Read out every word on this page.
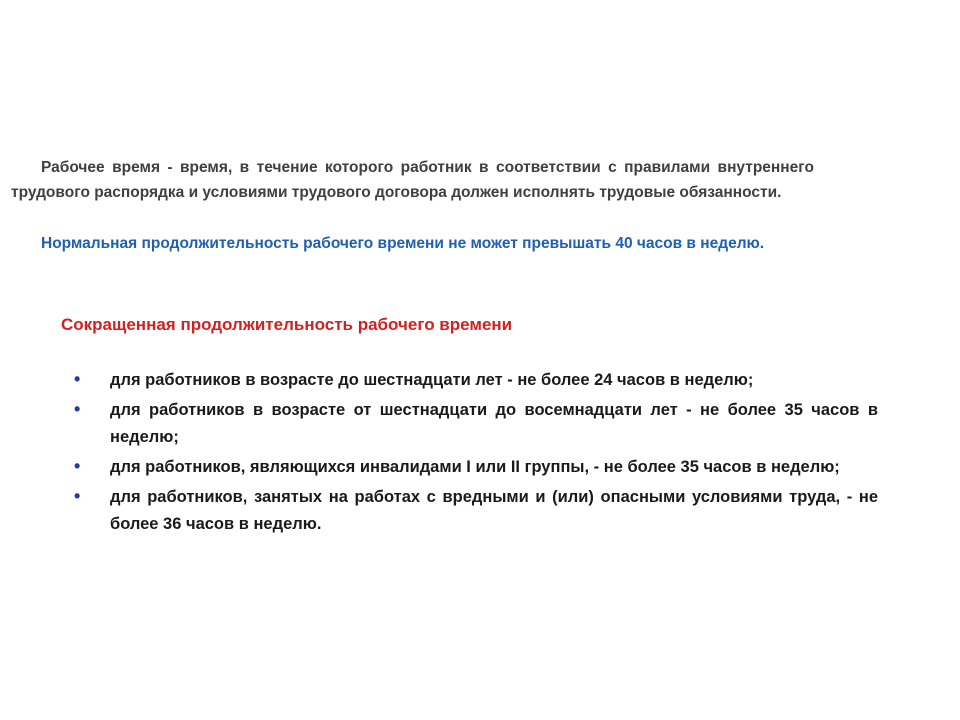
Рабочее время - время, в течение которого работник в соответствии с правилами внутреннего трудового распорядка и условиями трудового договора должен исполнять трудовые обязанности.

Нормальная продолжительность рабочего времени не может превышать 40 часов в неделю.

Сокращенная продолжительность рабочего времени
• для работников в возрасте до шестнадцати лет - не более 24 часов в неделю;
• для работников в возрасте от шестнадцати до восемнадцати лет - не более 35 часов в неделю;
• для работников, являющихся инвалидами I или II группы, - не более 35 часов в неделю;
• для работников, занятых на работах с вредными и (или) опасными условиями труда, - не более 36 часов в неделю.
